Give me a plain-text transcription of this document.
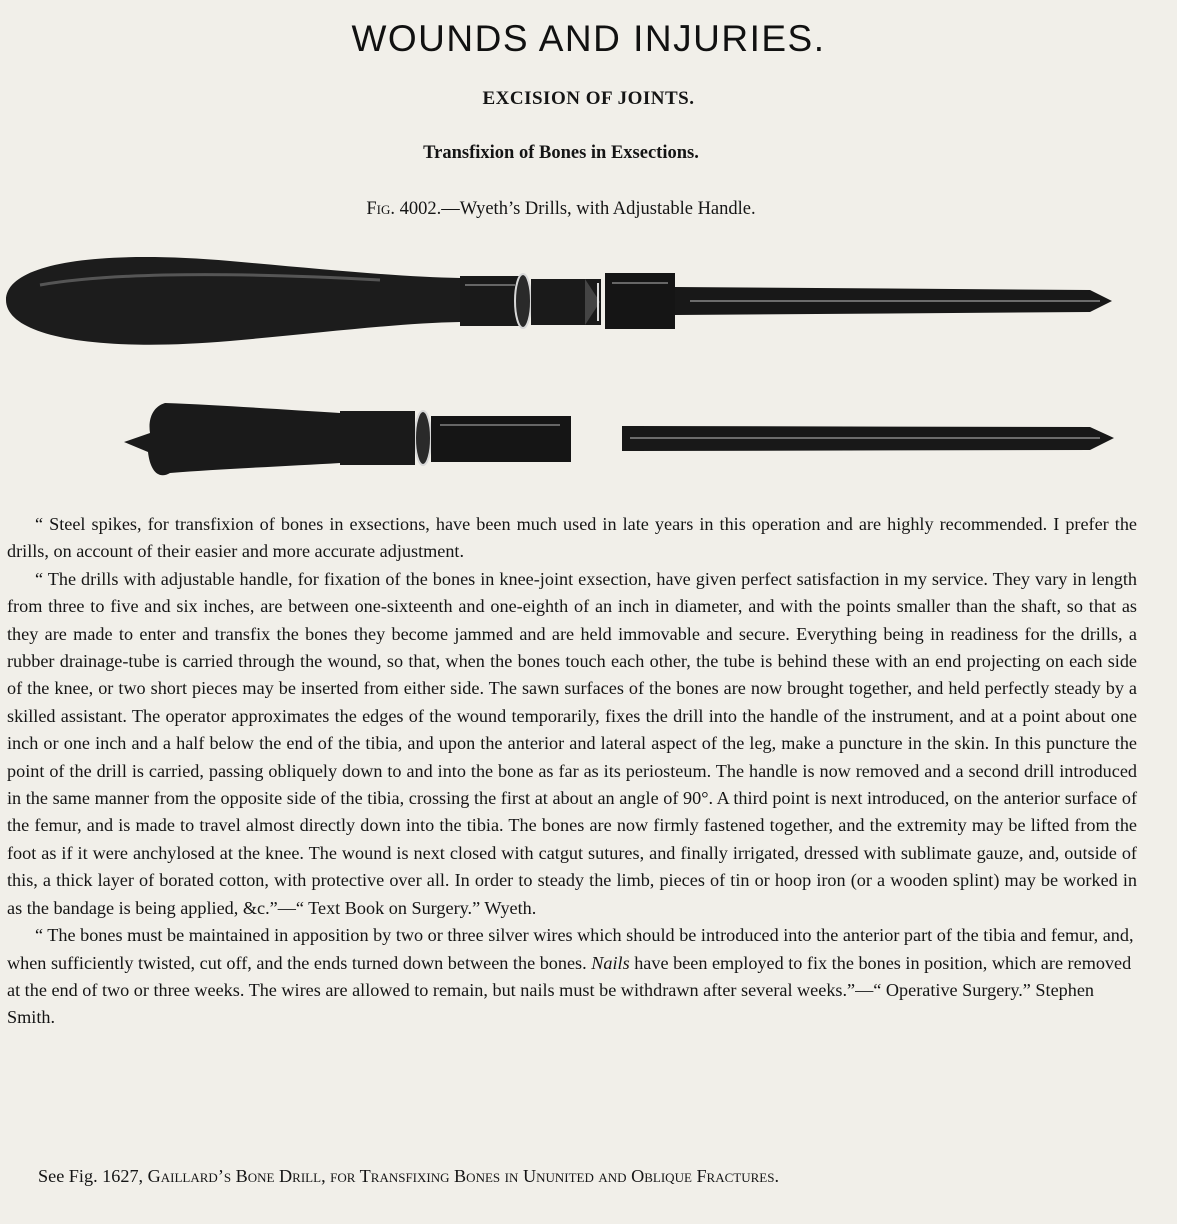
WOUNDS AND INJURIES.
EXCISION OF JOINTS.
Transfixion of Bones in Exsections.
Fig. 4002.—Wyeth’s Drills, with Adjustable Handle.

“ Steel spikes, for transfixion of bones in exsections, have been much used in late years in this operation and are highly recommended. I prefer the drills, on account of their easier and more accurate adjustment.

“ The drills with adjustable handle, for fixation of the bones in knee-joint exsection, have given perfect satisfaction in my service. They vary in length from three to five and six inches, are between one-sixteenth and one-eighth of an inch in diameter, and with the points smaller than the shaft, so that as they are made to enter and transfix the bones they become jammed and are held immovable and secure. Everything being in readiness for the drills, a rubber drainage-tube is carried through the wound, so that, when the bones touch each other, the tube is behind these with an end projecting on each side of the knee, or two short pieces may be inserted from either side. The sawn surfaces of the bones are now brought together, and held perfectly steady by a skilled assistant. The operator approximates the edges of the wound temporarily, fixes the drill into the handle of the instrument, and at a point about one inch or one inch and a half below the end of the tibia, and upon the anterior and lateral aspect of the leg, make a puncture in the skin. In this puncture the point of the drill is carried, passing obliquely down to and into the bone as far as its periosteum. The handle is now removed and a second drill introduced in the same manner from the opposite side of the tibia, crossing the first at about an angle of 90°. A third point is next introduced, on the anterior surface of the femur, and is made to travel almost directly down into the tibia. The bones are now firmly fastened together, and the extremity may be lifted from the foot as if it were anchylosed at the knee. The wound is next closed with catgut sutures, and finally irrigated, dressed with sublimate gauze, and, outside of this, a thick layer of borated cotton, with protective over all. In order to steady the limb, pieces of tin or hoop iron (or a wooden splint) may be worked in as the bandage is being applied, &c.”—“ Text Book on Surgery.” Wyeth.

“ The bones must be maintained in apposition by two or three silver wires which should be introduced into the anterior part of the tibia and femur, and, when sufficiently twisted, cut off, and the ends turned down between the bones. Nails have been employed to fix the bones in position, which are removed at the end of two or three weeks. The wires are allowed to remain, but nails must be withdrawn after several weeks.”—“ Operative Surgery.” Stephen Smith.

See Fig. 1627, Gaillard’s Bone Drill, for Transfixing Bones in Ununited and Oblique Fractures.
